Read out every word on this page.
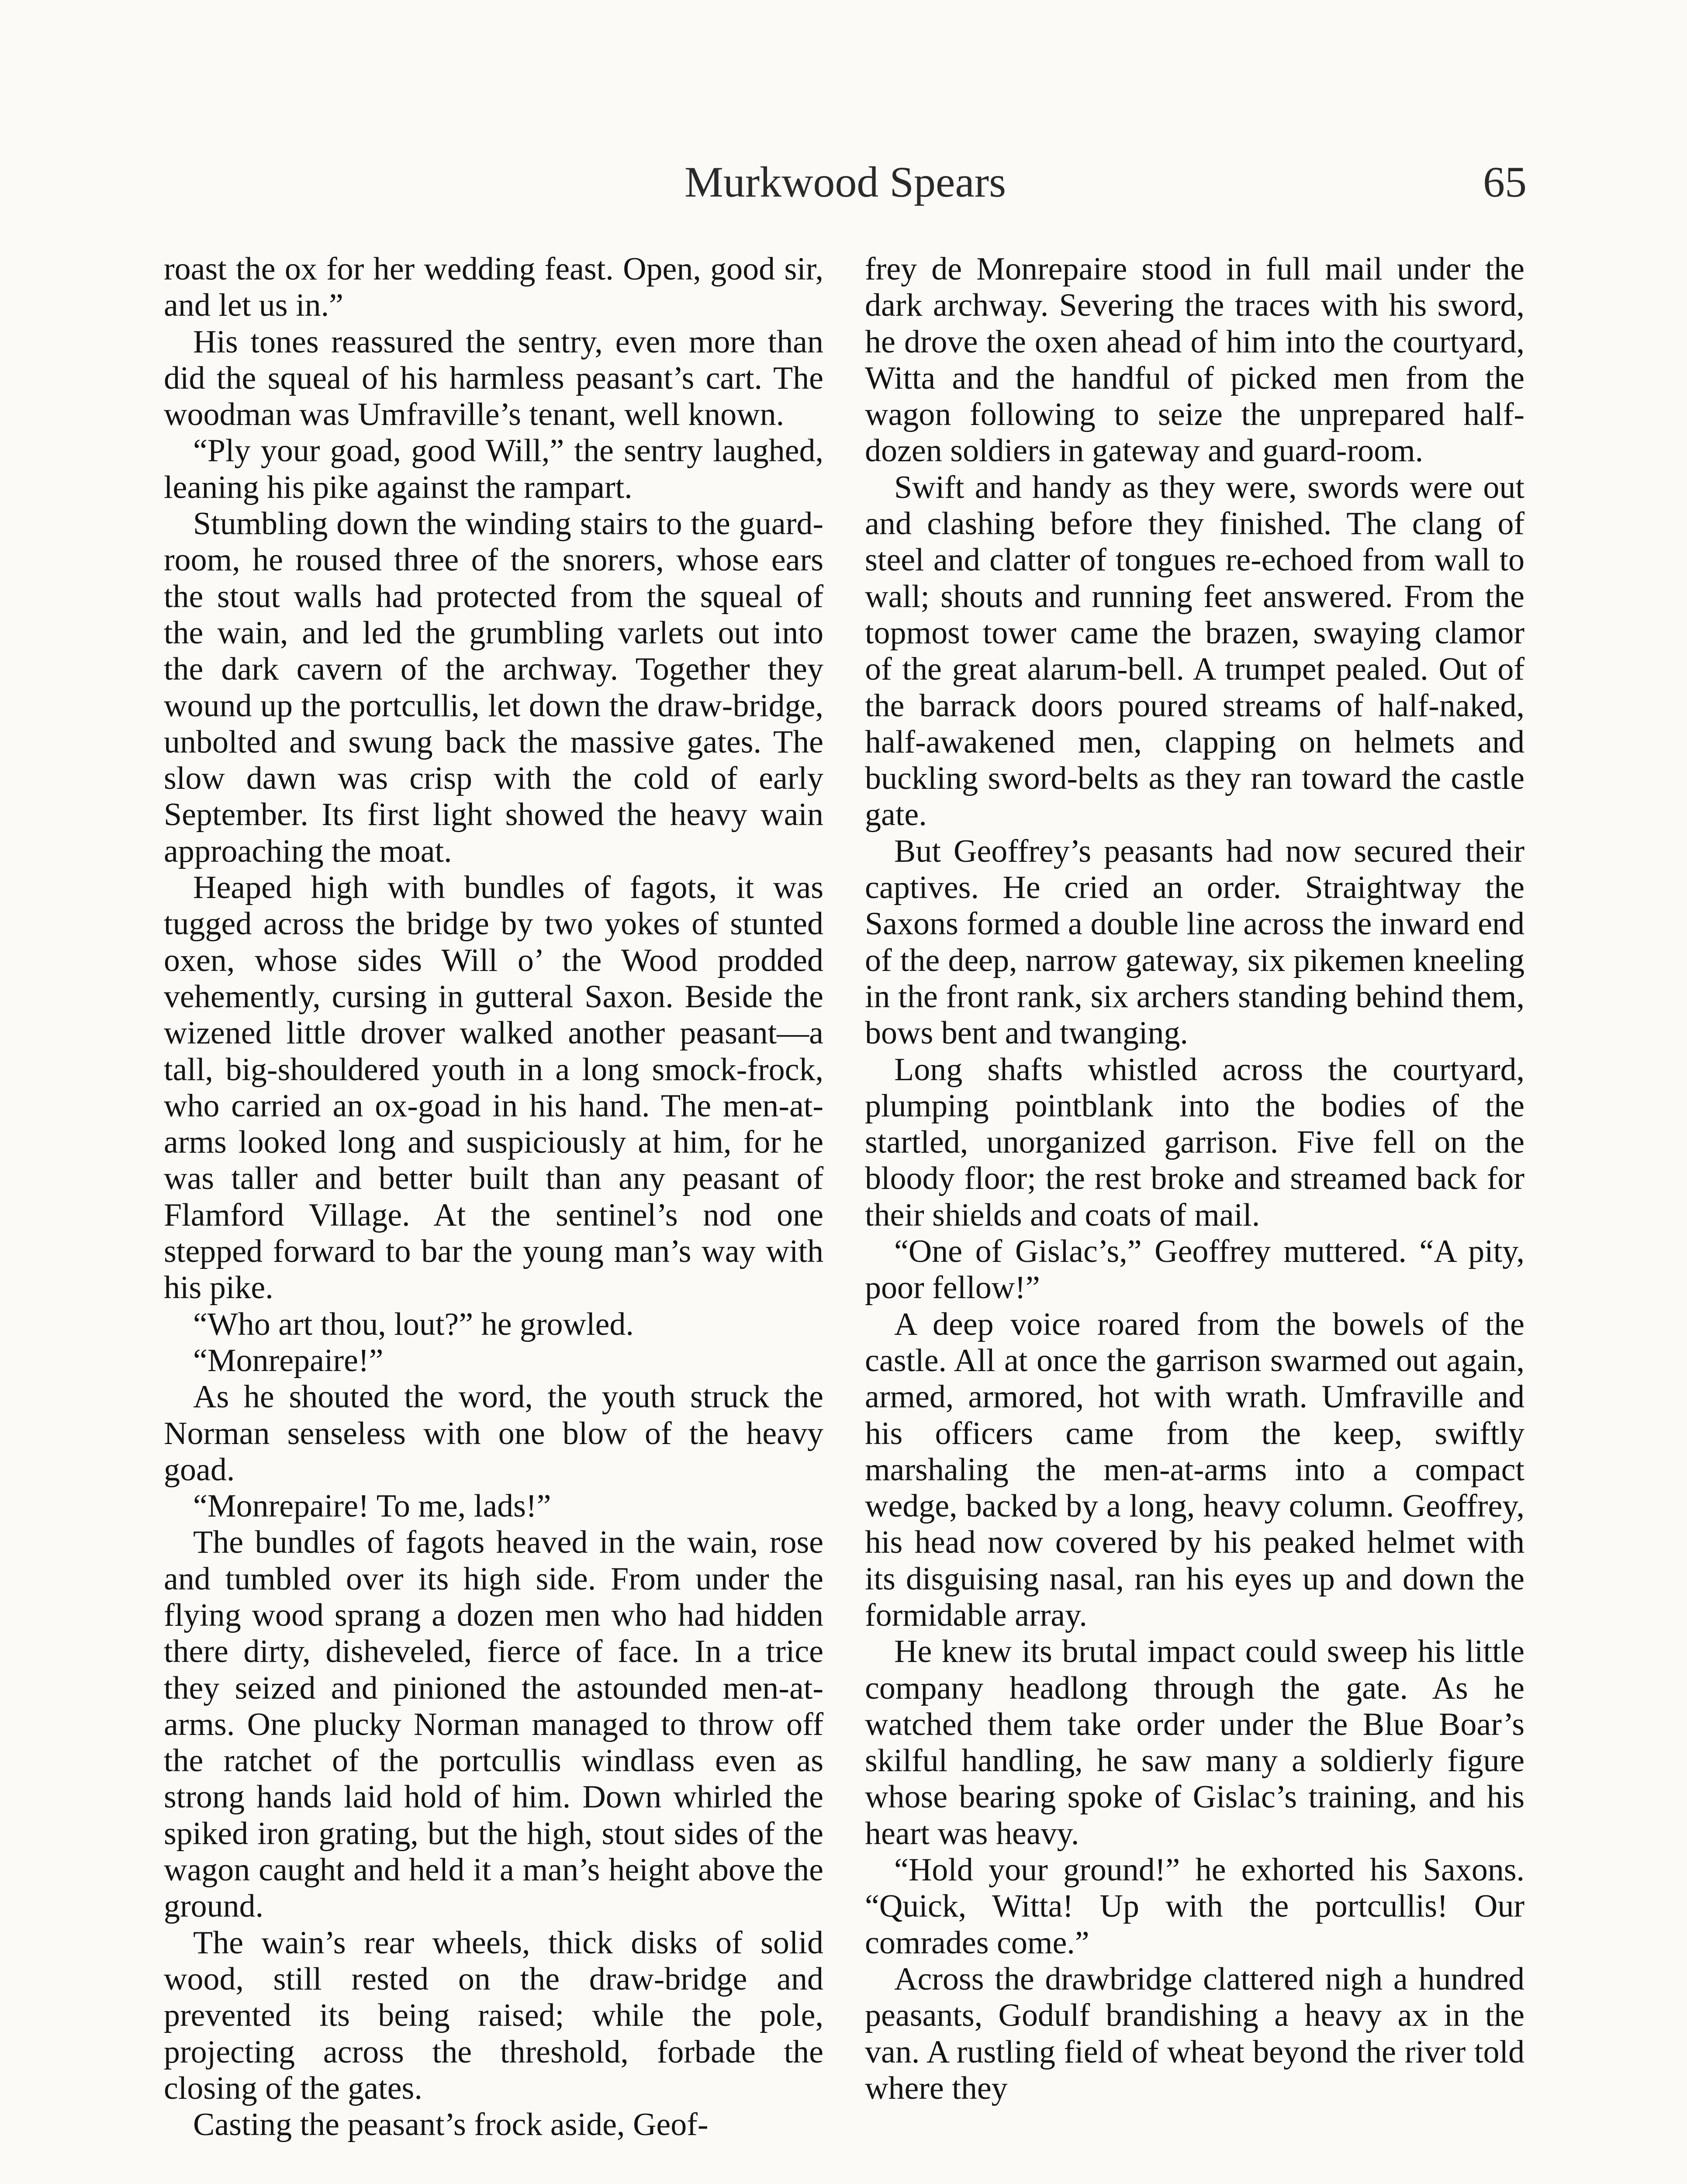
Murkwood Spears	65

roast the ox for her wedding feast. Open, good sir, and let us in.”

His tones reassured the sentry, even more than did the squeal of his harmless peasant’s cart. The woodman was Umfraville’s tenant, well known.

“Ply your goad, good Will,” the sentry laughed, leaning his pike against the rampart.

Stumbling down the winding stairs to the guard-room, he roused three of the snorers, whose ears the stout walls had protected from the squeal of the wain, and led the grumbling varlets out into the dark cavern of the archway. Together they wound up the portcullis, let down the draw-bridge, unbolted and swung back the massive gates. The slow dawn was crisp with the cold of early September. Its first light showed the heavy wain approaching the moat.

Heaped high with bundles of fagots, it was tugged across the bridge by two yokes of stunted oxen, whose sides Will o’ the Wood prodded vehemently, cursing in gutteral Saxon. Beside the wizened little drover walked another peasant—a tall, big-shouldered youth in a long smock-frock, who carried an ox-goad in his hand. The men-at-arms looked long and suspiciously at him, for he was taller and better built than any peasant of Flamford Village. At the sentinel’s nod one stepped forward to bar the young man’s way with his pike.

“Who art thou, lout?” he growled.

“Monrepaire!”

As he shouted the word, the youth struck the Norman senseless with one blow of the heavy goad.

“Monrepaire! To me, lads!”

The bundles of fagots heaved in the wain, rose and tumbled over its high side. From under the flying wood sprang a dozen men who had hidden there dirty, disheveled, fierce of face. In a trice they seized and pinioned the astounded men-at-arms. One plucky Norman managed to throw off the ratchet of the portcullis windlass even as strong hands laid hold of him. Down whirled the spiked iron grating, but the high, stout sides of the wagon caught and held it a man’s height above the ground.

The wain’s rear wheels, thick disks of solid wood, still rested on the draw-bridge and prevented its being raised; while the pole, projecting across the threshold, forbade the closing of the gates.

Casting the peasant’s frock aside, Geof-

frey de Monrepaire stood in full mail under the dark archway. Severing the traces with his sword, he drove the oxen ahead of him into the courtyard, Witta and the handful of picked men from the wagon following to seize the unprepared half-dozen soldiers in gateway and guard-room.

Swift and handy as they were, swords were out and clashing before they finished. The clang of steel and clatter of tongues re-echoed from wall to wall; shouts and running feet answered. From the topmost tower came the brazen, swaying clamor of the great alarum-bell. A trumpet pealed. Out of the barrack doors poured streams of half-naked, half-awakened men, clapping on helmets and buckling sword-belts as they ran toward the castle gate.

But Geoffrey’s peasants had now secured their captives. He cried an order. Straightway the Saxons formed a double line across the inward end of the deep, narrow gateway, six pikemen kneeling in the front rank, six archers standing behind them, bows bent and twanging.

Long shafts whistled across the courtyard, plumping pointblank into the bodies of the startled, unorganized garrison. Five fell on the bloody floor; the rest broke and streamed back for their shields and coats of mail.

“One of Gislac’s,” Geoffrey muttered. “A pity, poor fellow!”

A deep voice roared from the bowels of the castle. All at once the garrison swarmed out again, armed, armored, hot with wrath. Umfraville and his officers came from the keep, swiftly marshaling the men-at-arms into a compact wedge, backed by a long, heavy column. Geoffrey, his head now covered by his peaked helmet with its disguising nasal, ran his eyes up and down the formidable array.

He knew its brutal impact could sweep his little company headlong through the gate. As he watched them take order under the Blue Boar’s skilful handling, he saw many a soldierly figure whose bearing spoke of Gislac’s training, and his heart was heavy.

“Hold your ground!” he exhorted his Saxons. “Quick, Witta! Up with the portcullis! Our comrades come.”

Across the drawbridge clattered nigh a hundred peasants, Godulf brandishing a heavy ax in the van. A rustling field of wheat beyond the river told where they
